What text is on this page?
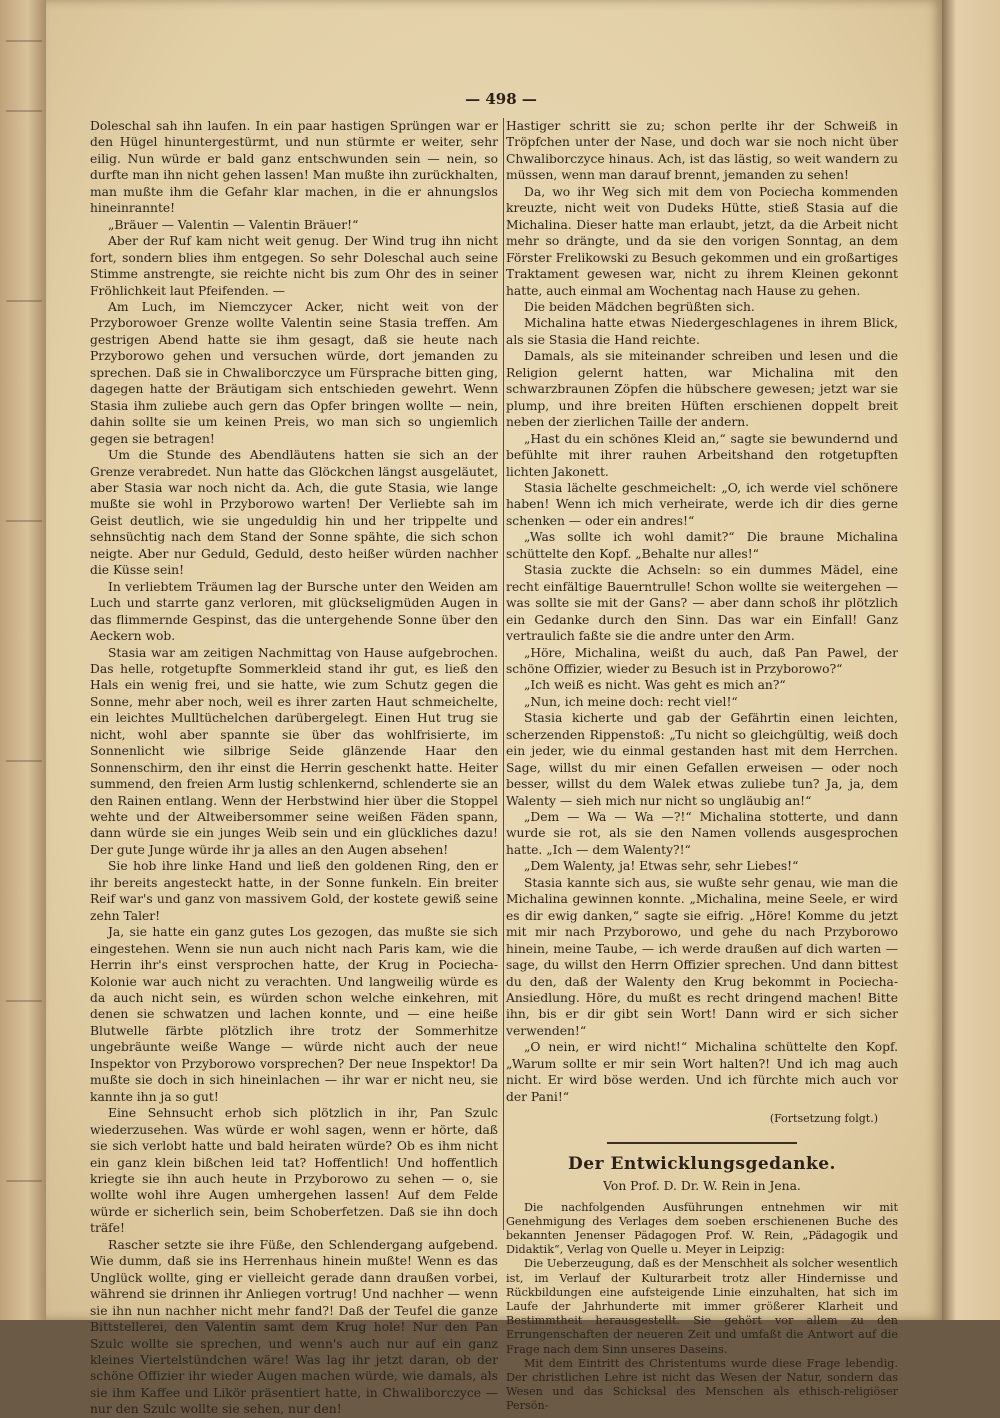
— 498 —

Doleschal sah ihn laufen. In ein paar hastigen Sprüngen war er den Hügel hinuntergestürmt, und nun stürmte er weiter, sehr eilig. Nun würde er bald ganz entschwunden sein — nein, so durfte man ihn nicht gehen lassen! Man mußte ihn zurückhalten, man mußte ihm die Gefahr klar machen, in die er ahnungslos hineinrannte!

„Bräuer — Valentin — Valentin Bräuer!“

Aber der Ruf kam nicht weit genug. Der Wind trug ihn nicht fort, sondern blies ihm entgegen. So sehr Doleschal auch seine Stimme anstrengte, sie reichte nicht bis zum Ohr des in seiner Fröhlichkeit laut Pfeifenden. —

Am Luch, im Niemczycer Acker, nicht weit von der Przyborowoer Grenze wollte Valentin seine Stasia treffen. Am gestrigen Abend hatte sie ihm gesagt, daß sie heute nach Przyborowo gehen und versuchen würde, dort jemanden zu sprechen. Daß sie in Chwaliborczyce um Fürsprache bitten ging, dagegen hatte der Bräutigam sich entschieden gewehrt. Wenn Stasia ihm zuliebe auch gern das Opfer bringen wollte — nein, dahin sollte sie um keinen Preis, wo man sich so ungiemlich gegen sie betragen!

Um die Stunde des Abendläutens hatten sie sich an der Grenze verabredet. Nun hatte das Glöckchen längst ausgeläutet, aber Stasia war noch nicht da. Ach, die gute Stasia, wie lange mußte sie wohl in Przyborowo warten! Der Verliebte sah im Geist deutlich, wie sie ungeduldig hin und her trippelte und sehnsüchtig nach dem Stand der Sonne spähte, die sich schon neigte. Aber nur Geduld, Geduld, desto heißer würden nachher die Küsse sein!

In verliebtem Träumen lag der Bursche unter den Weiden am Luch und starrte ganz verloren, mit glückseligmüden Augen in das flimmernde Gespinst, das die untergehende Sonne über den Aeckern wob.

Stasia war am zeitigen Nachmittag von Hause aufgebrochen. Das helle, rotgetupfte Sommerkleid stand ihr gut, es ließ den Hals ein wenig frei, und sie hatte, wie zum Schutz gegen die Sonne, mehr aber noch, weil es ihrer zarten Haut schmeichelte, ein leichtes Mulltüchelchen darübergelegt. Einen Hut trug sie nicht, wohl aber spannte sie über das wohlfrisierte, im Sonnenlicht wie silbrige Seide glänzende Haar den Sonnenschirm, den ihr einst die Herrin geschenkt hatte. Heiter summend, den freien Arm lustig schlenkernd, schlenderte sie an den Rainen entlang. Wenn der Herbstwind hier über die Stoppel wehte und der Altweibersommer seine weißen Fäden spann, dann würde sie ein junges Weib sein und ein glückliches dazu! Der gute Junge würde ihr ja alles an den Augen absehen!

Sie hob ihre linke Hand und ließ den goldenen Ring, den er ihr bereits angesteckt hatte, in der Sonne funkeln. Ein breiter Reif war's und ganz von massivem Gold, der kostete gewiß seine zehn Taler!

Ja, sie hatte ein ganz gutes Los gezogen, das mußte sie sich eingestehen. Wenn sie nun auch nicht nach Paris kam, wie die Herrin ihr's einst versprochen hatte, der Krug in Pociecha-Kolonie war auch nicht zu verachten. Und langweilig würde es da auch nicht sein, es würden schon welche einkehren, mit denen sie schwatzen und lachen konnte, und — eine heiße Blutwelle färbte plötzlich ihre trotz der Sommerhitze ungebräunte weiße Wange — würde nicht auch der neue Inspektor von Przyborowo vorsprechen? Der neue Inspektor! Da mußte sie doch in sich hineinlachen — ihr war er nicht neu, sie kannte ihn ja so gut!

Eine Sehnsucht erhob sich plötzlich in ihr, Pan Szulc wiederzusehen. Was würde er wohl sagen, wenn er hörte, daß sie sich verlobt hatte und bald heiraten würde? Ob es ihm nicht ein ganz klein bißchen leid tat? Hoffentlich! Und hoffentlich kriegte sie ihn auch heute in Przyborowo zu sehen — o, sie wollte wohl ihre Augen umhergehen lassen! Auf dem Felde würde er sicherlich sein, beim Schoberfetzen. Daß sie ihn doch träfe!

Rascher setzte sie ihre Füße, den Schlendergang aufgebend. Wie dumm, daß sie ins Herrenhaus hinein mußte! Wenn es das Unglück wollte, ging er vielleicht gerade dann draußen vorbei, während sie drinnen ihr Anliegen vortrug! Und nachher — wenn sie ihn nun nachher nicht mehr fand?! Daß der Teufel die ganze Bittstellerei, den Valentin samt dem Krug hole! Nur den Pan Szulc wollte sie sprechen, und wenn's auch nur auf ein ganz kleines Viertelstündchen wäre! Was lag ihr jetzt daran, ob der schöne Offizier ihr wieder Augen machen würde, wie damals, als sie ihm Kaffee und Likör präsentiert hatte, in Chwaliborczyce — nur den Szulc wollte sie sehen, nur den!

Hastiger schritt sie zu; schon perlte ihr der Schweiß in Tröpfchen unter der Nase, und doch war sie noch nicht über Chwaliborczyce hinaus. Ach, ist das lästig, so weit wandern zu müssen, wenn man darauf brennt, jemanden zu sehen!

Da, wo ihr Weg sich mit dem von Pociecha kommenden kreuzte, nicht weit von Dudeks Hütte, stieß Stasia auf die Michalina. Dieser hatte man erlaubt, jetzt, da die Arbeit nicht mehr so drängte, und da sie den vorigen Sonntag, an dem Förster Frelikowski zu Besuch gekommen und ein großartiges Traktament gewesen war, nicht zu ihrem Kleinen gekonnt hatte, auch einmal am Wochentag nach Hause zu gehen.

Die beiden Mädchen begrüßten sich.

Michalina hatte etwas Niedergeschlagenes in ihrem Blick, als sie Stasia die Hand reichte.

Damals, als sie miteinander schreiben und lesen und die Religion gelernt hatten, war Michalina mit den schwarzbraunen Zöpfen die hübschere gewesen; jetzt war sie plump, und ihre breiten Hüften erschienen doppelt breit neben der zierlichen Taille der andern.

„Hast du ein schönes Kleid an,“ sagte sie bewundernd und befühlte mit ihrer rauhen Arbeitshand den rotgetupften lichten Jakonett.

Stasia lächelte geschmeichelt: „O, ich werde viel schönere haben! Wenn ich mich verheirate, werde ich dir dies gerne schenken — oder ein andres!“

„Was sollte ich wohl damit?“ Die braune Michalina schüttelte den Kopf. „Behalte nur alles!“

Stasia zuckte die Achseln: so ein dummes Mädel, eine recht einfältige Bauerntrulle! Schon wollte sie weitergehen — was sollte sie mit der Gans? — aber dann schoß ihr plötzlich ein Gedanke durch den Sinn. Das war ein Einfall! Ganz vertraulich faßte sie die andre unter den Arm.

„Höre, Michalina, weißt du auch, daß Pan Pawel, der schöne Offizier, wieder zu Besuch ist in Przyborowo?“

„Ich weiß es nicht. Was geht es mich an?“

„Nun, ich meine doch: recht viel!“

Stasia kicherte und gab der Gefährtin einen leichten, scherzenden Rippenstoß: „Tu nicht so gleichgültig, weiß doch ein jeder, wie du einmal gestanden hast mit dem Herrchen. Sage, willst du mir einen Gefallen erweisen — oder noch besser, willst du dem Walek etwas zuliebe tun? Ja, ja, dem Walenty — sieh mich nur nicht so ungläubig an!“

„Dem — Wa — Wa —?!“ Michalina stotterte, und dann wurde sie rot, als sie den Namen vollends ausgesprochen hatte. „Ich — dem Walenty?!“

„Dem Walenty, ja! Etwas sehr, sehr Liebes!“

Stasia kannte sich aus, sie wußte sehr genau, wie man die Michalina gewinnen konnte. „Michalina, meine Seele, er wird es dir ewig danken,“ sagte sie eifrig. „Höre! Komme du jetzt mit mir nach Przyborowo, und gehe du nach Przyborowo hinein, meine Taube, — ich werde draußen auf dich warten — sage, du willst den Herrn Offizier sprechen. Und dann bittest du den, daß der Walenty den Krug bekommt in Pociecha-Ansiedlung. Höre, du mußt es recht dringend machen! Bitte ihn, bis er dir gibt sein Wort! Dann wird er sich sicher verwenden!“

„O nein, er wird nicht!“ Michalina schüttelte den Kopf. „Warum sollte er mir sein Wort halten?! Und ich mag auch nicht. Er wird böse werden. Und ich fürchte mich auch vor der Pani!“

(Fortsetzung folgt.)

Der Entwicklungsgedanke.

Von Prof. D. Dr. W. Rein in Jena.

Die nachfolgenden Ausführungen entnehmen wir mit Genehmigung des Verlages dem soeben erschienenen Buche des bekannten Jenenser Pädagogen Prof. W. Rein, „Pädagogik und Didaktik“, Verlag von Quelle u. Meyer in Leipzig:

Die Ueberzeugung, daß es der Menschheit als solcher wesentlich ist, im Verlauf der Kulturarbeit trotz aller Hindernisse und Rückbildungen eine aufsteigende Linie einzuhalten, hat sich im Laufe der Jahrhunderte mit immer größerer Klarheit und Bestimmtheit herausgestellt. Sie gehört vor allem zu den Errungenschaften der neueren Zeit und umfaßt die Antwort auf die Frage nach dem Sinn unseres Daseins.

Mit dem Eintritt des Christentums wurde diese Frage lebendig. Der christlichen Lehre ist nicht das Wesen der Natur, sondern das Wesen und das Schicksal des Menschen als ethisch-religiöser Persön-
